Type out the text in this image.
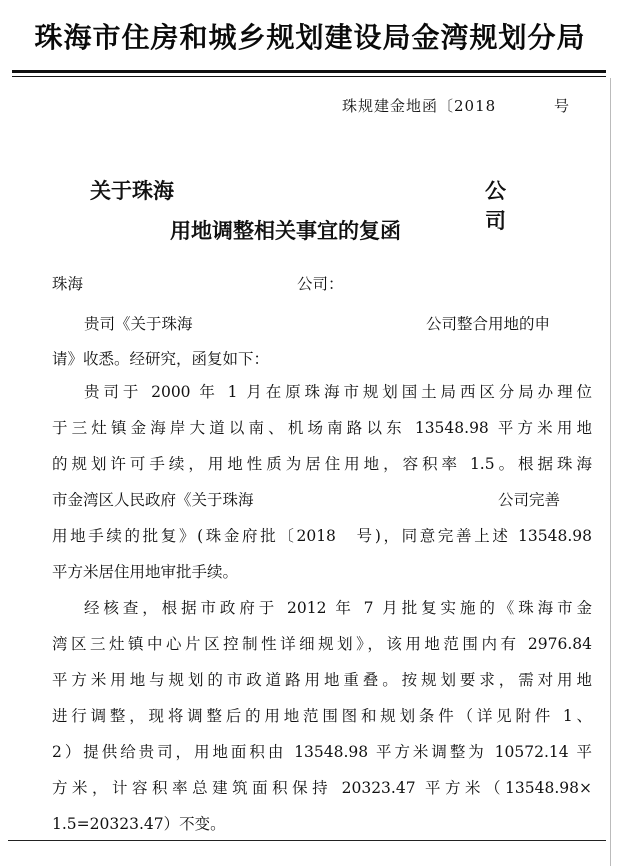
珠海市住房和城乡规划建设局金湾规划分局
珠规建金地函〔2018	号
关于珠海	公司
用地调整相关事宜的复函
珠海	公司：
贵司《关于珠海	公司整合用地的申
请》收悉。经研究，函复如下：
贵司于 2000 年 1 月在原珠海市规划国土局西区分局办理位
于三灶镇金海岸大道以南、机场南路以东 13548.98 平方米用地
的规划许可手续，用地性质为居住用地，容积率 1.5。根据珠海
市金湾区人民政府《关于珠海	公司完善
用地手续的批复》(珠金府批〔2018　号)，同意完善上述 13548.98
平方米居住用地审批手续。
经核查，根据市政府于 2012 年 7 月批复实施的《珠海市金
湾区三灶镇中心片区控制性详细规划》，该用地范围内有 2976.84
平方米用地与规划的市政道路用地重叠。按规划要求，需对用地
进行调整，现将调整后的用地范围图和规划条件（详见附件 1、
2）提供给贵司，用地面积由 13548.98 平方米调整为 10572.14 平
方米，计容积率总建筑面积保持 20323.47 平方米（13548.98×
1.5=20323.47）不变。
